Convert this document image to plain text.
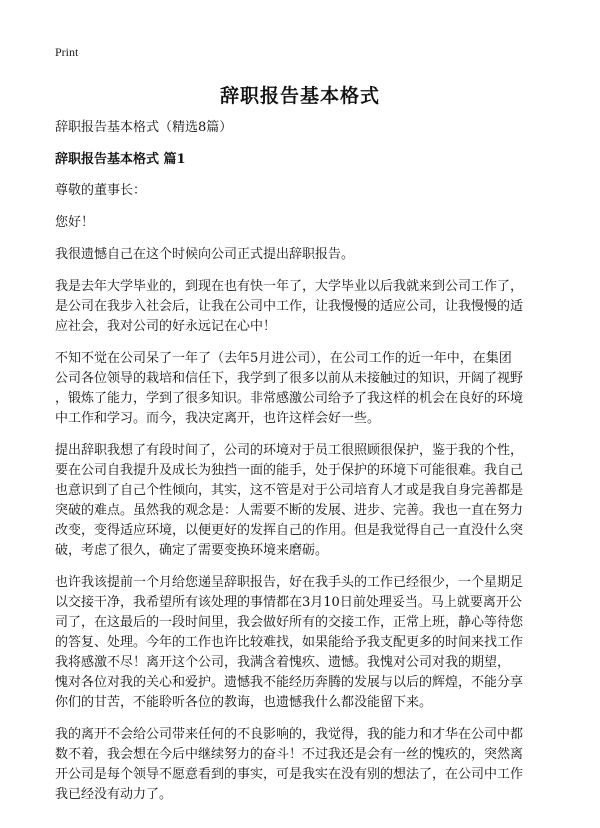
Print
辞职报告基本格式
辞职报告基本格式（精选8篇）
辞职报告基本格式 篇1
尊敬的董事长：
您好！
我很遗憾自己在这个时候向公司正式提出辞职报告。
我是去年大学毕业的，到现在也有快一年了，大学毕业以后我就来到公司工作了，
是公司在我步入社会后，让我在公司中工作，让我慢慢的适应公司，让我慢慢的适
应社会，我对公司的好永远记在心中！
不知不觉在公司呆了一年了（去年5月进公司），在公司工作的近一年中，在集团
公司各位领导的栽培和信任下，我学到了很多以前从未接触过的知识，开阔了视野
，锻炼了能力，学到了很多知识。非常感激公司给予了我这样的机会在良好的环境
中工作和学习。而今，我决定离开，也许这样会好一些。
提出辞职我想了有段时间了，公司的环境对于员工很照顾很保护，鉴于我的个性，
要在公司自我提升及成长为独挡一面的能手，处于保护的环境下可能很难。我自己
也意识到了自己个性倾向，其实，这不管是对于公司培育人才或是我自身完善都是
突破的难点。虽然我的观念是：人需要不断的发展、进步、完善。我也一直在努力
改变，变得适应环境，以便更好的发挥自己的作用。但是我觉得自己一直没什么突
破，考虑了很久，确定了需要变换环境来磨砺。
也许我该提前一个月给您递呈辞职报告，好在我手头的工作已经很少，一个星期足
以交接干净，我希望所有该处理的事情都在3月10日前处理妥当。马上就要离开公
司了，在这最后的一段时间里，我会做好所有的交接工作，正常上班，静心等待您
的答复、处理。今年的工作也许比较难找，如果能给予我支配更多的时间来找工作
我将感激不尽！离开这个公司，我满含着愧疚、遗憾。我愧对公司对我的期望，
愧对各位对我的关心和爱护。遗憾我不能经历奔腾的发展与以后的辉煌，不能分享
你们的甘苦，不能聆听各位的教诲，也遗憾我什么都没能留下来。
我的离开不会给公司带来任何的不良影响的，我觉得，我的能力和才华在公司中都
数不着，我会想在今后中继续努力的奋斗！不过我还是会有一丝的愧疚的，突然离
开公司是每个领导不愿意看到的事实，可是我实在没有别的想法了，在公司中工作
我已经没有动力了。
